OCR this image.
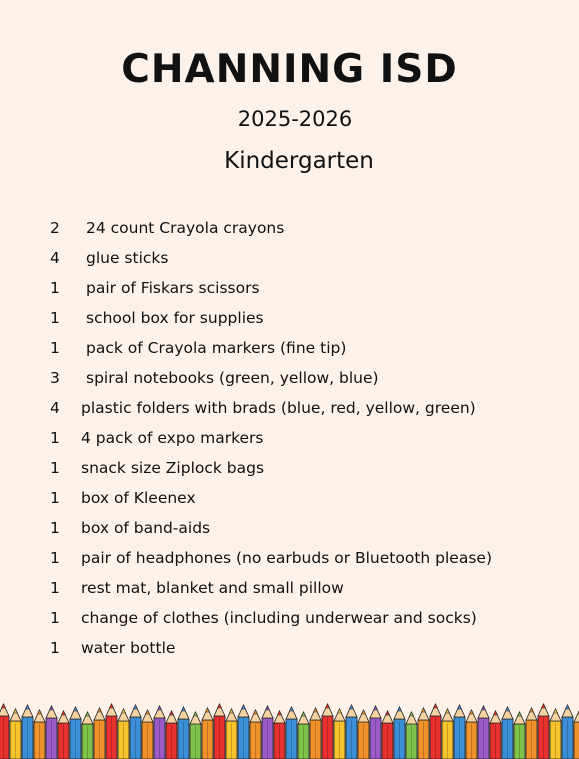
CHANNING ISD
2025-2026
Kindergarten
2 24 count Crayola crayons
4 glue sticks
1 pair of Fiskars scissors
1 school box for supplies
1 pack of Crayola markers (fine tip)
3 spiral notebooks (green, yellow, blue)
4 plastic folders with brads (blue, red, yellow, green)
1 4 pack of expo markers
1 snack size Ziplock bags
1 box of Kleenex
1 box of band-aids
1 pair of headphones (no earbuds or Bluetooth please)
1 rest mat, blanket and small pillow
1 change of clothes (including underwear and socks)
1 water bottle
